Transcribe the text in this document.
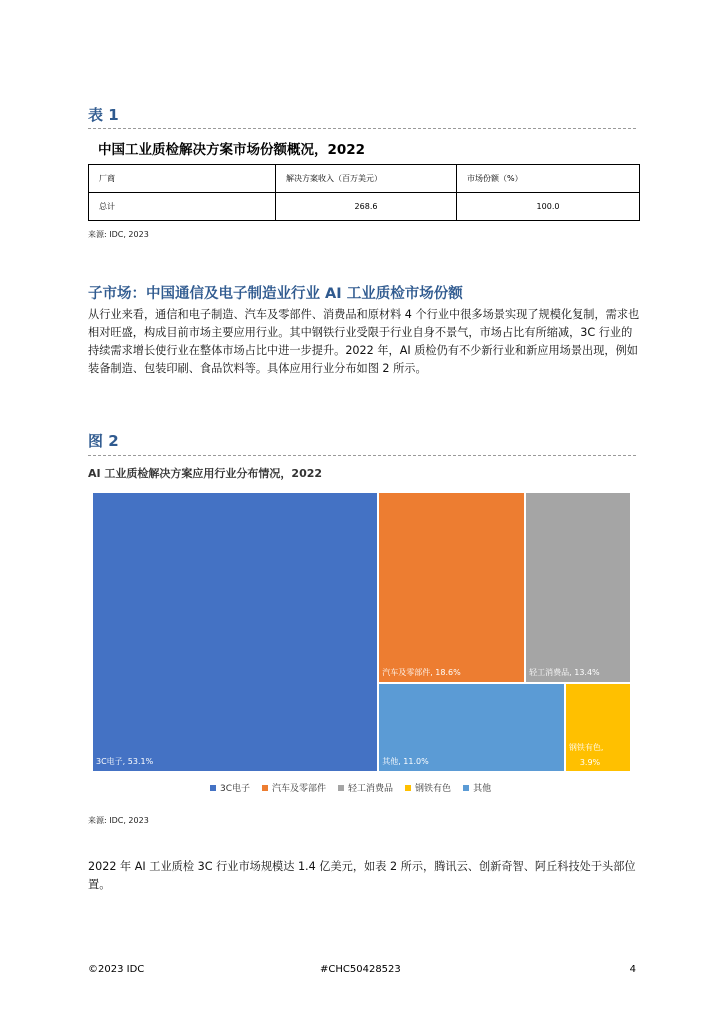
表 1
中国工业质检解决方案市场份额概况，2022
厂商	解决方案收入（百万美元）	市场份额（%）
总计	268.6	100.0
来源: IDC, 2023
子市场：中国通信及电子制造业行业 AI 工业质检市场份额
从行业来看，通信和电子制造、汽车及零部件、消费品和原材料 4 个行业中很多场景实现了规模化复制，需求也相对旺盛，构成目前市场主要应用行业。其中钢铁行业受限于行业自身不景气，市场占比有所缩减，3C 行业的持续需求增长使行业在整体市场占比中进一步提升。2022 年，AI 质检仍有不少新行业和新应用场景出现，例如装备制造、包装印刷、食品饮料等。具体应用行业分布如图 2 所示。
图 2
AI 工业质检解决方案应用行业分布情况，2022
3C电子, 53.1%
汽车及零部件, 18.6%	轻工消费品, 13.4%
其他, 11.0%
钢铁有色,
3.9%
3C电子 汽车及零部件 轻工消费品 钢铁有色 其他
来源: IDC, 2023
2022 年 AI 工业质检 3C 行业市场规模达 1.4 亿美元，如表 2 所示，腾讯云、创新奇智、阿丘科技处于头部位置。
©2023 IDC	#CHC50428523	4
